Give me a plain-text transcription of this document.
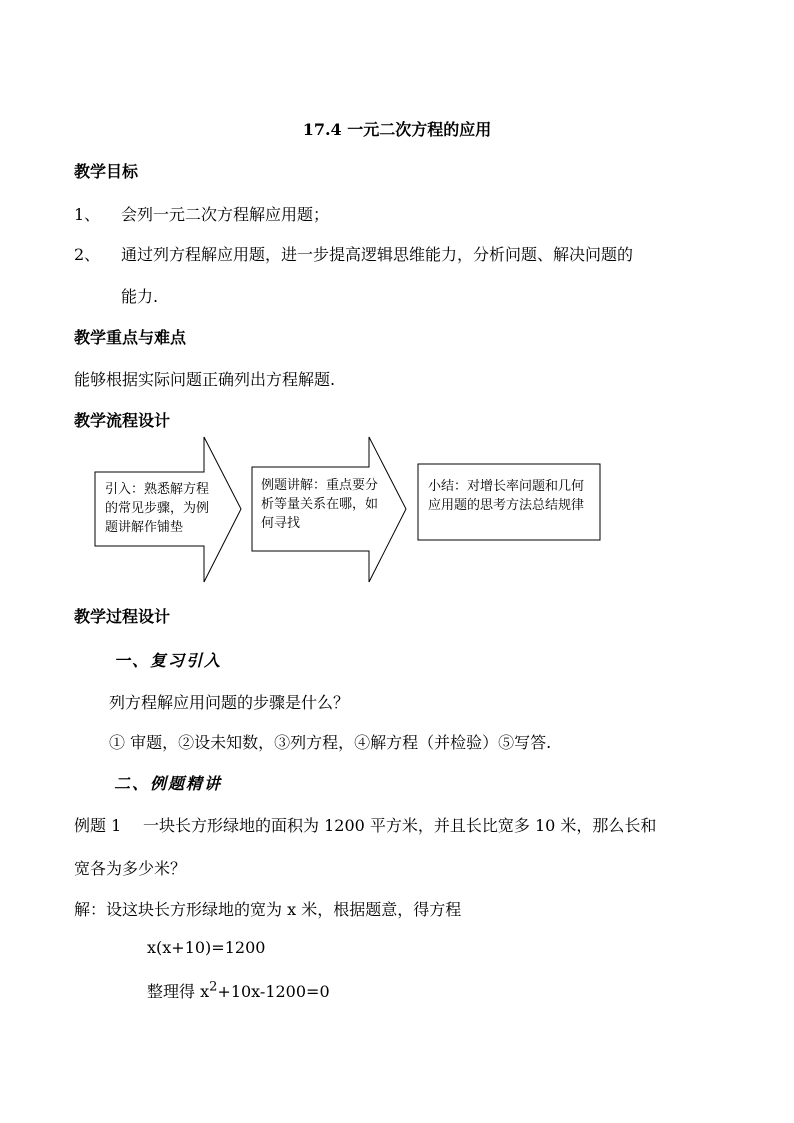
17.4 一元二次方程的应用
教学目标
1、 会列一元二次方程解应用题；
2、 通过列方程解应用题，进一步提高逻辑思维能力，分析问题、解决问题的
能力.
教学重点与难点
能够根据实际问题正确列出方程解题.
教学流程设计
引入：熟悉解方程的常见步骤，为例题讲解作铺垫
例题讲解：重点要分析等量关系在哪，如何寻找
小结：对增长率问题和几何应用题的思考方法总结规律
教学过程设计
一、复习引入
列方程解应用问题的步骤是什么？
① 审题，②设未知数，③列方程，④解方程（并检验）⑤写答.
二、例题精讲
例题 1 一块长方形绿地的面积为 1200 平方米，并且长比宽多 10 米，那么长和
宽各为多少米？
解：设这块长方形绿地的宽为 x 米，根据题意，得方程
x(x+10)=1200
整理得 $x^2+10x-1200=0$
